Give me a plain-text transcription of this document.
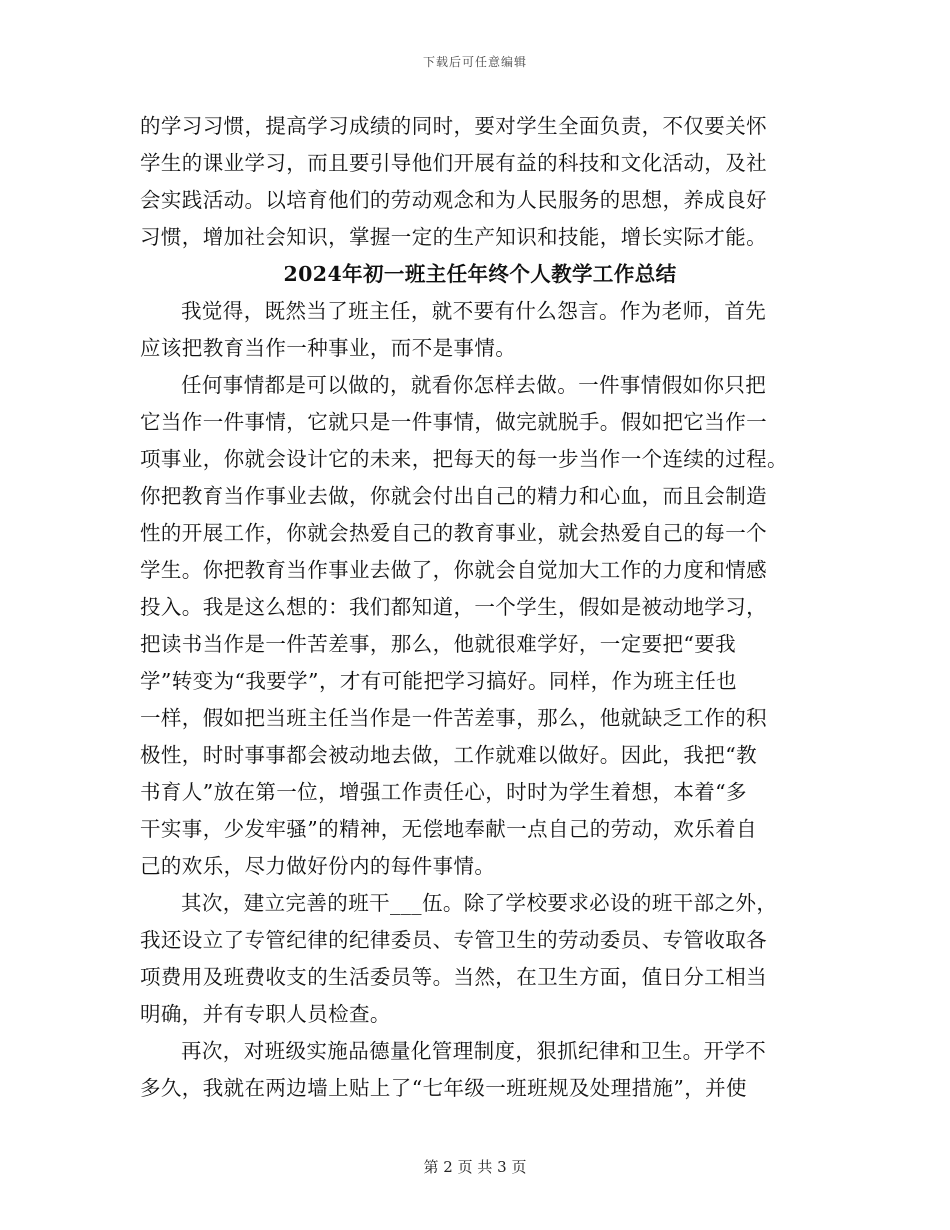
下载后可任意编辑

的学习习惯，提高学习成绩的同时，要对学生全面负责，不仅要关怀
学生的课业学习，而且要引导他们开展有益的科技和文化活动，及社
会实践活动。以培育他们的劳动观念和为人民服务的思想，养成良好
习惯，增加社会知识，掌握一定的生产知识和技能，增长实际才能。

2024年初一班主任年终个人教学工作总结

我觉得，既然当了班主任，就不要有什么怨言。作为老师，首先
应该把教育当作一种事业，而不是事情。

任何事情都是可以做的，就看你怎样去做。一件事情假如你只把
它当作一件事情，它就只是一件事情，做完就脱手。假如把它当作一
项事业，你就会设计它的未来，把每天的每一步当作一个连续的过程。
你把教育当作事业去做，你就会付出自己的精力和心血，而且会制造
性的开展工作，你就会热爱自己的教育事业，就会热爱自己的每一个
学生。你把教育当作事业去做了，你就会自觉加大工作的力度和情感
投入。我是这么想的：我们都知道，一个学生，假如是被动地学习，
把读书当作是一件苦差事，那么，他就很难学好，一定要把“要我
学”转变为“我要学”，才有可能把学习搞好。同样，作为班主任也
一样，假如把当班主任当作是一件苦差事，那么，他就缺乏工作的积
极性，时时事事都会被动地去做，工作就难以做好。因此，我把“教
书育人”放在第一位，增强工作责任心，时时为学生着想，本着“多
干实事，少发牢骚”的精神，无偿地奉献一点自己的劳动，欢乐着自
己的欢乐，尽力做好份内的每件事情。

其次，建立完善的班干___伍。除了学校要求必设的班干部之外，
我还设立了专管纪律的纪律委员、专管卫生的劳动委员、专管收取各
项费用及班费收支的生活委员等。当然，在卫生方面，值日分工相当
明确，并有专职人员检查。

再次，对班级实施品德量化管理制度，狠抓纪律和卫生。开学不
多久，我就在两边墙上贴上了“七年级一班班规及处理措施”，并使

第 2 页 共 3 页
